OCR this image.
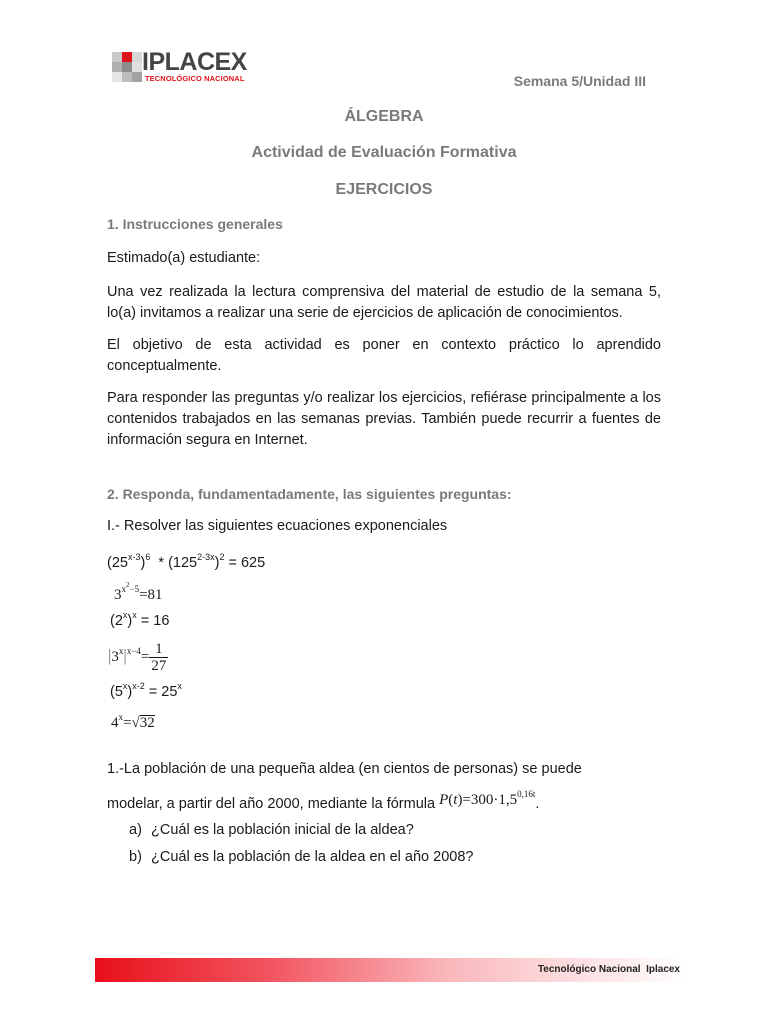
IPLACEX
TECNOLÓGICO NACIONAL	Semana 5/Unidad III
ÁLGEBRA
Actividad de Evaluación Formativa
EJERCICIOS
1. Instrucciones generales
Estimado(a) estudiante:

Una vez realizada la lectura comprensiva del material de estudio de la semana 5, lo(a) invitamos a realizar una serie de ejercicios de aplicación de conocimientos.

El objetivo de esta actividad es poner en contexto práctico lo aprendido conceptualmente.

Para responder las preguntas y/o realizar los ejercicios, refiérase principalmente a los contenidos trabajados en las semanas previas. También puede recurrir a fuentes de información segura en Internet.

2. Responda, fundamentadamente, las siguientes preguntas:
I.- Resolver las siguientes ecuaciones exponenciales
$(25^{x-3})^6 * (125^{2-3x})^2 = 625$
$3^{x^2-5}=81$
$(2^x)^x = 16$
$|3^x|^{x-4}= \frac{1}{27}$
$(5^x)^{x-2} = 25^x$
$4^x=√32$
1.-La población de una pequeña aldea (en cientos de personas) se puede
modelar, a partir del año 2000, mediante la fórmula $P(t)=300\cdot 1,5^{0,16t}$.
a) ¿Cuál es la población inicial de la aldea?
b) ¿Cuál es la población de la aldea en el año 2008?
Tecnológico Nacional  Iplacex
